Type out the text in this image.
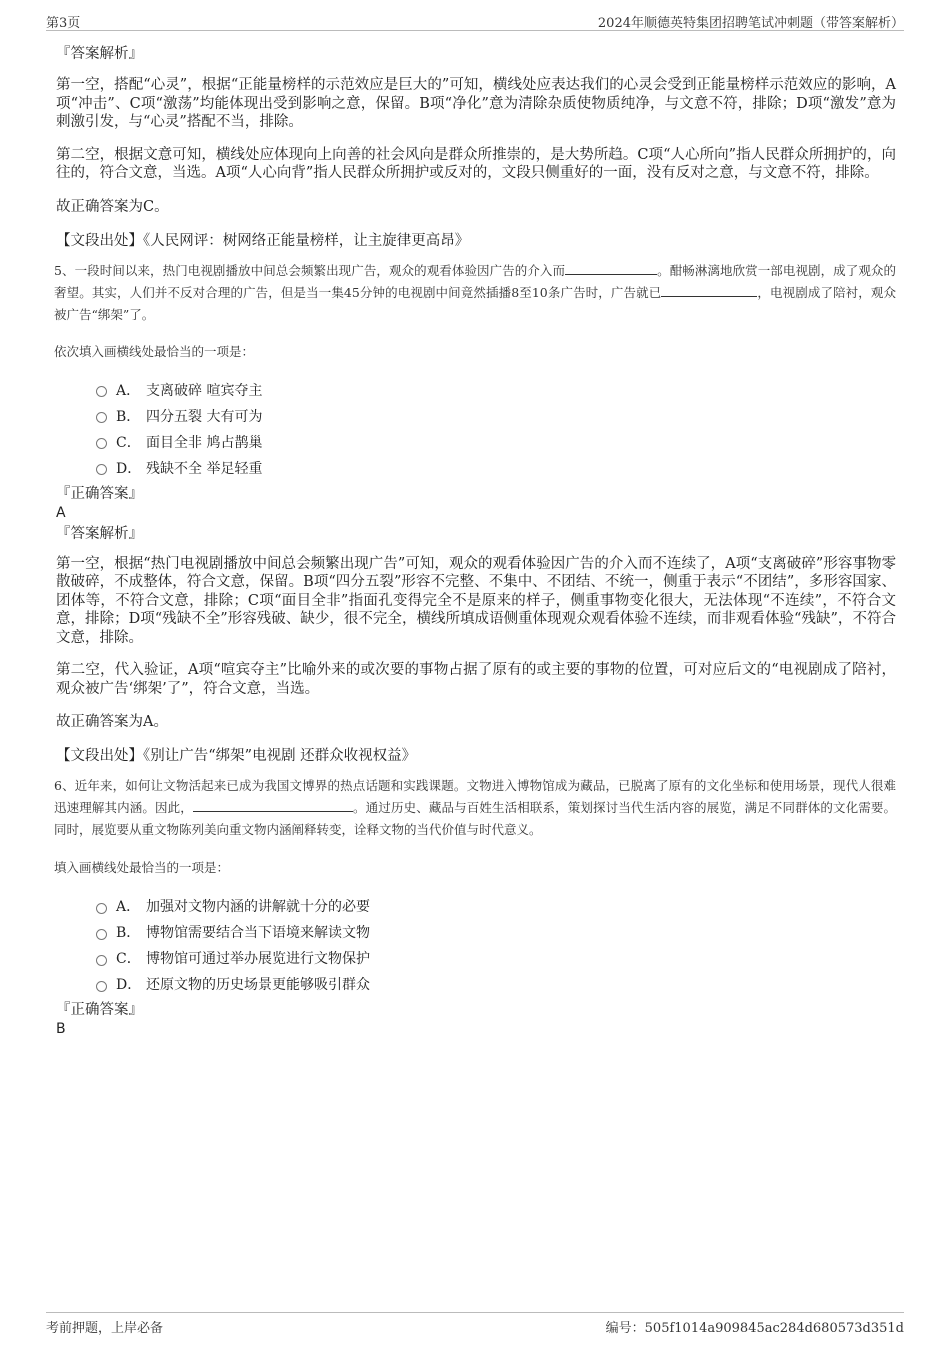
第3页	2024年顺德英特集团招聘笔试冲刺题（带答案解析）

『答案解析』

第一空，搭配“心灵”，根据“正能量榜样的示范效应是巨大的”可知，横线处应表达我们的心灵会受到正能量榜样示范效应的影响，A项“冲击”、C项“激荡”均能体现出受到影响之意，保留。B项“净化”意为清除杂质使物质纯净，与文意不符，排除；D项“激发”意为刺激引发，与“心灵”搭配不当，排除。

第二空，根据文意可知，横线处应体现向上向善的社会风向是群众所推崇的，是大势所趋。C项“人心所向”指人民群众所拥护的，向往的，符合文意，当选。A项“人心向背”指人民群众所拥护或反对的，文段只侧重好的一面，没有反对之意，与文意不符，排除。

故正确答案为C。

【文段出处】《人民网评：树网络正能量榜样，让主旋律更高昂》

5、一段时间以来，热门电视剧播放中间总会频繁出现广告，观众的观看体验因广告的介入而	。酣畅淋漓地欣赏一部电视剧，成了观众的奢望。其实，人们并不反对合理的广告，但是当一集45分钟的电视剧中间竟然插播8至10条广告时，广告就已	，电视剧成了陪衬，观众被广告“绑架”了。

依次填入画横线处最恰当的一项是：

A． 支离破碎 喧宾夺主
B． 四分五裂 大有可为
C． 面目全非 鸠占鹊巢
D． 残缺不全 举足轻重

『正确答案』

A

『答案解析』

第一空，根据“热门电视剧播放中间总会频繁出现广告”可知，观众的观看体验因广告的介入而不连续了，A项“支离破碎”形容事物零散破碎，不成整体，符合文意，保留。B项“四分五裂”形容不完整、不集中、不团结、不统一，侧重于表示“不团结”，多形容国家、团体等，不符合文意，排除；C项“面目全非”指面孔变得完全不是原来的样子，侧重事物变化很大，无法体现“不连续”，不符合文意，排除；D项“残缺不全”形容残破、缺少，很不完全，横线所填成语侧重体现观众观看体验不连续，而非观看体验“残缺”，不符合文意，排除。

第二空，代入验证，A项“喧宾夺主”比喻外来的或次要的事物占据了原有的或主要的事物的位置，可对应后文的“电视剧成了陪衬，观众被广告‘绑架’了”，符合文意，当选。

故正确答案为A。

【文段出处】《别让广告“绑架”电视剧 还群众收视权益》

6、近年来，如何让文物活起来已成为我国文博界的热点话题和实践课题。文物进入博物馆成为藏品，已脱离了原有的文化坐标和使用场景，现代人很难迅速理解其内涵。因此，	。通过历史、藏品与百姓生活相联系，策划探讨当代生活内容的展览，满足不同群体的文化需要。同时，展览要从重文物陈列美向重文物内涵阐释转变，诠释文物的当代价值与时代意义。

填入画横线处最恰当的一项是：

A． 加强对文物内涵的讲解就十分的必要
B． 博物馆需要结合当下语境来解读文物
C． 博物馆可通过举办展览进行文物保护
D． 还原文物的历史场景更能够吸引群众

『正确答案』

B

考前押题，上岸必备	编号：505f1014a909845ac284d680573d351d
